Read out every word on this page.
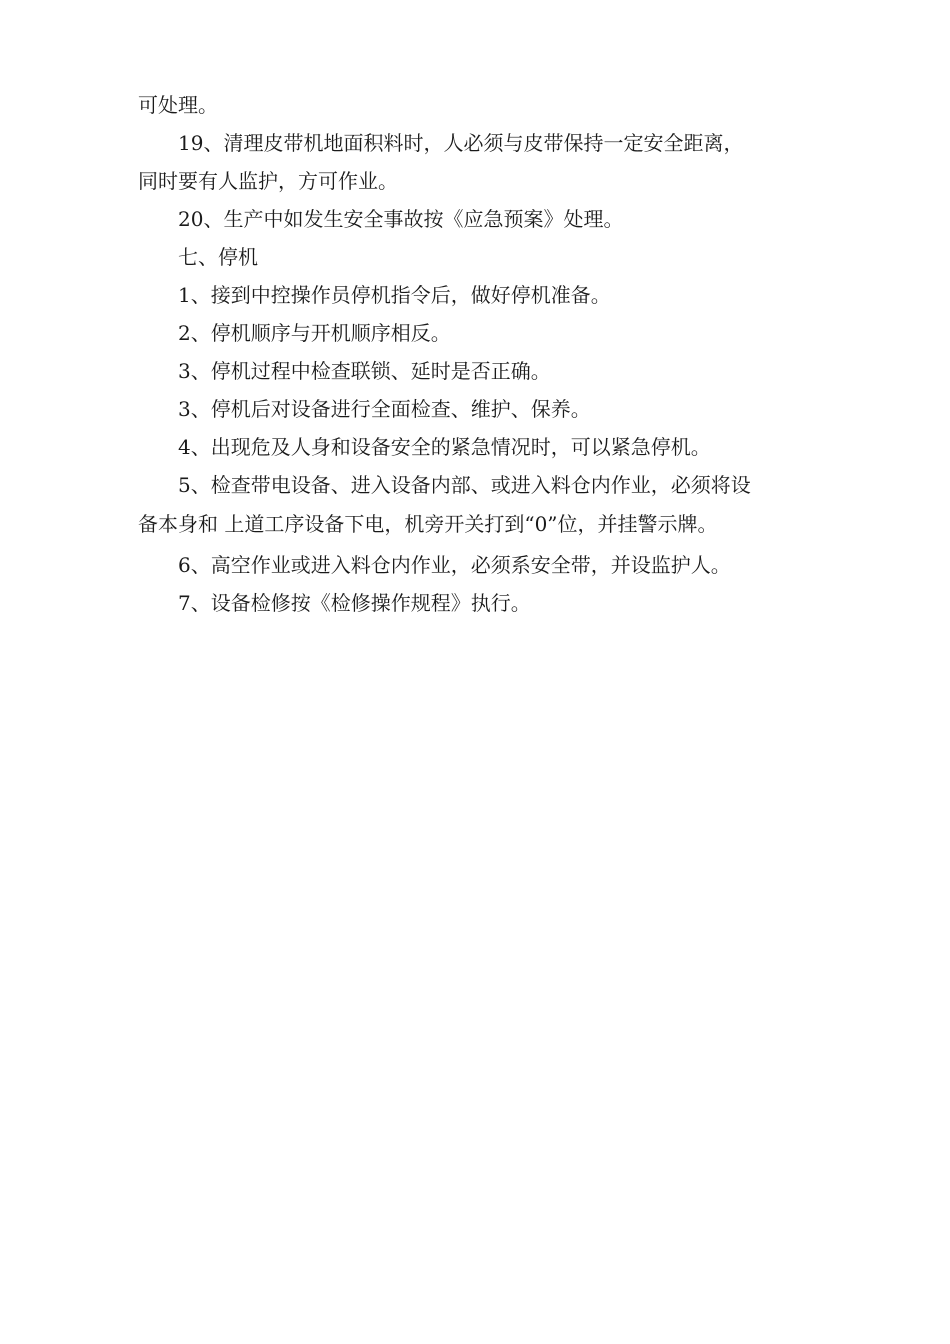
可处理。

19、清理皮带机地面积料时，人必须与皮带保持一定安全距离，
同时要有人监护，方可作业。

20、生产中如发生安全事故按《应急预案》处理。

七、停机

1、接到中控操作员停机指令后，做好停机准备。

2、停机顺序与开机顺序相反。

3、停机过程中检查联锁、延时是否正确。

3、停机后对设备进行全面检查、维护、保养。

4、出现危及人身和设备安全的紧急情况时，可以紧急停机。

5、检查带电设备、进入设备内部、或进入料仓内作业，必须将设
备本身和 上道工序设备下电，机旁开关打到“0”位，并挂警示牌。

6、高空作业或进入料仓内作业，必须系安全带，并设监护人。

7、设备检修按《检修操作规程》执行。
